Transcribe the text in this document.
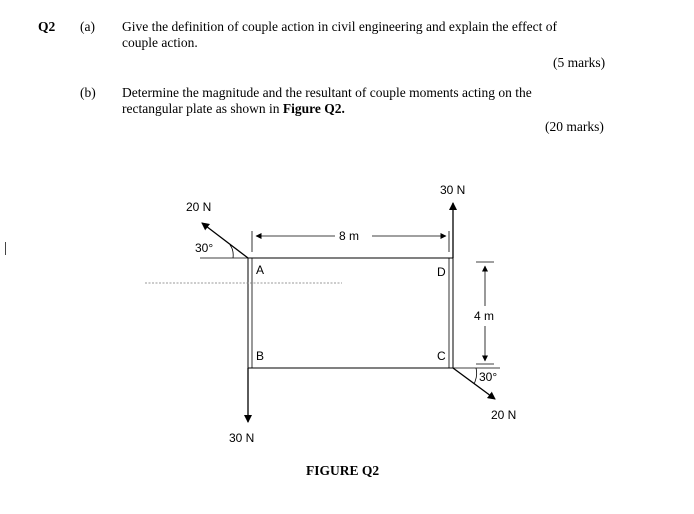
Q2 (a) Give the definition of couple action in civil engineering and explain the effect of
couple action.
(5 marks)
(b) Determine the magnitude and the resultant of couple moments acting on the
rectangular plate as shown in Figure Q2.
(20 marks)
|
20 N
30°
30 N
30 N
20 N
30°
8 m
4 m
A
B	C
D
FIGURE Q2
